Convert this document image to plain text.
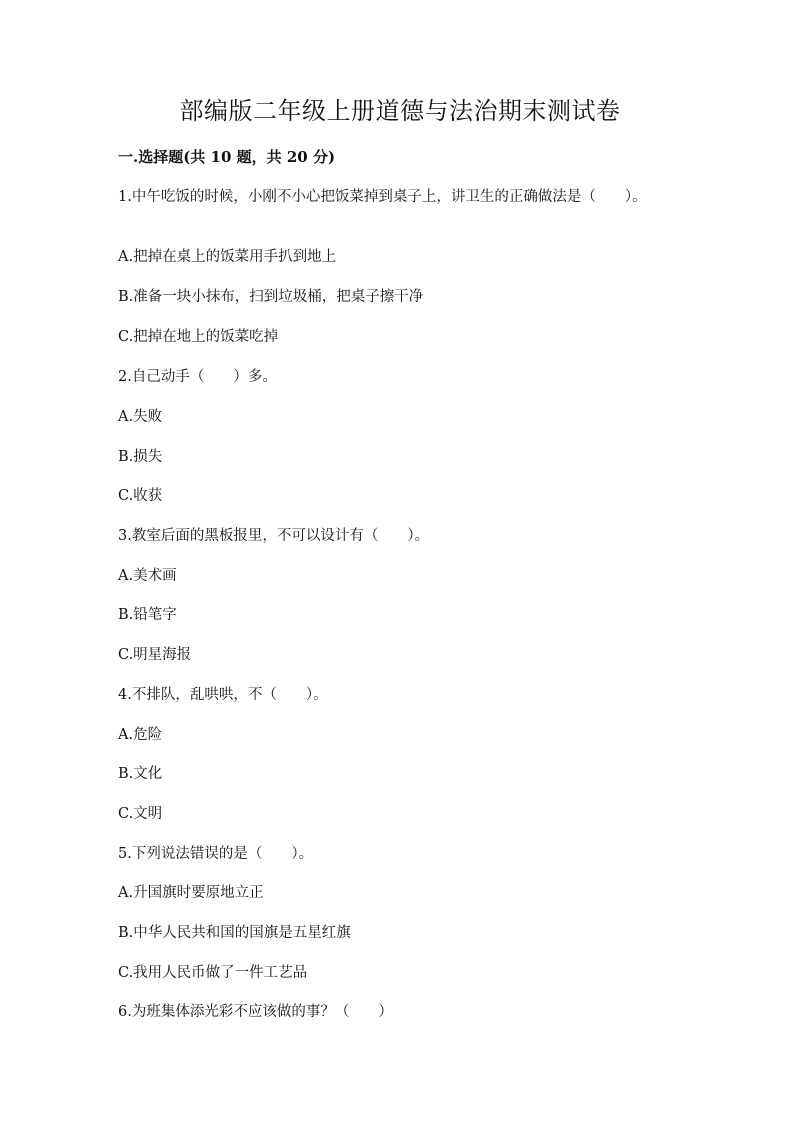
部编版二年级上册道德与法治期末测试卷
一.选择题(共 10 题，共 20 分)
1.中午吃饭的时候，小刚不小心把饭菜掉到桌子上，讲卫生的正确做法是（　　）。
A.把掉在桌上的饭菜用手扒到地上
B.准备一块小抹布，扫到垃圾桶，把桌子擦干净
C.把掉在地上的饭菜吃掉
2.自己动手（　　）多。
A.失败
B.损失
C.收获
3.教室后面的黑板报里，不可以设计有（　　）。
A.美术画
B.铅笔字
C.明星海报
4.不排队，乱哄哄，不（　　）。
A.危险
B.文化
C.文明
5.下列说法错误的是（　　）。
A.升国旗时要原地立正
B.中华人民共和国的国旗是五星红旗
C.我用人民币做了一件工艺品
6.为班集体添光彩不应该做的事？（　　）
